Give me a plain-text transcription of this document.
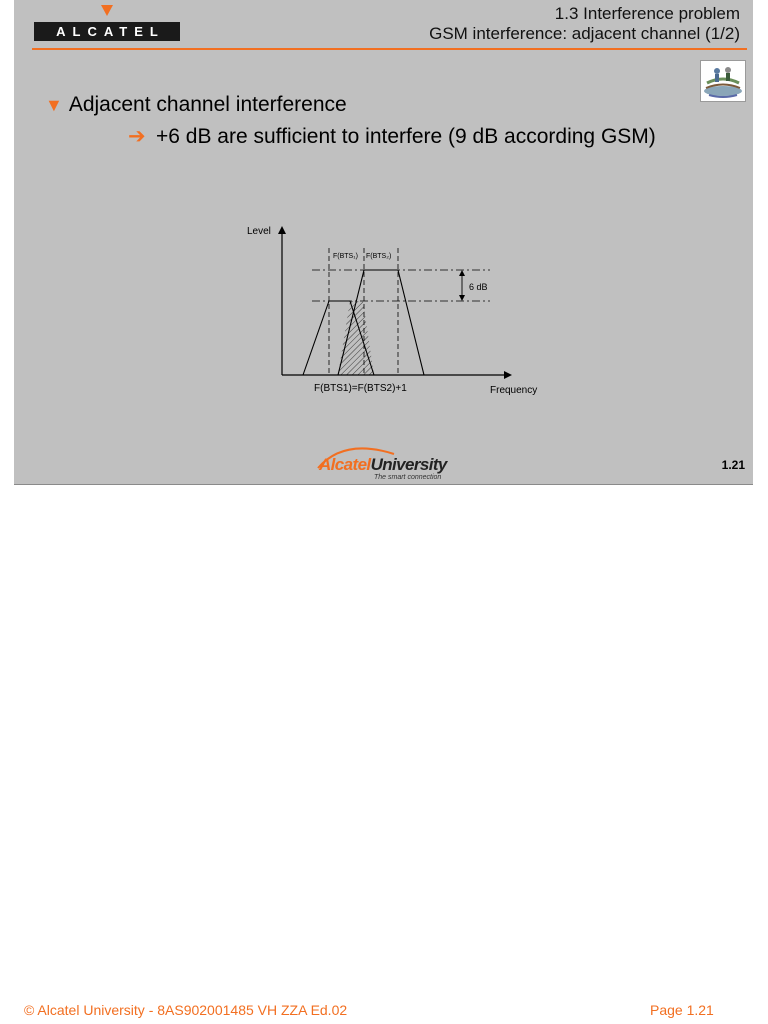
ALCATEL
1.3 Interference problem
GSM interference: adjacent channel (1/2)
▼ Adjacent channel interference
➔ +6 dB are sufficient to interfere (9 dB according GSM)
Level
Frequency
F(BTS₁) F(BTS₂)
6 dB
F(BTS1)=F(BTS2)+1
AlcatelUniversity
The smart connection
1.21
© Alcatel University - 8AS902001485 VH ZZA Ed.02	Page 1.21
